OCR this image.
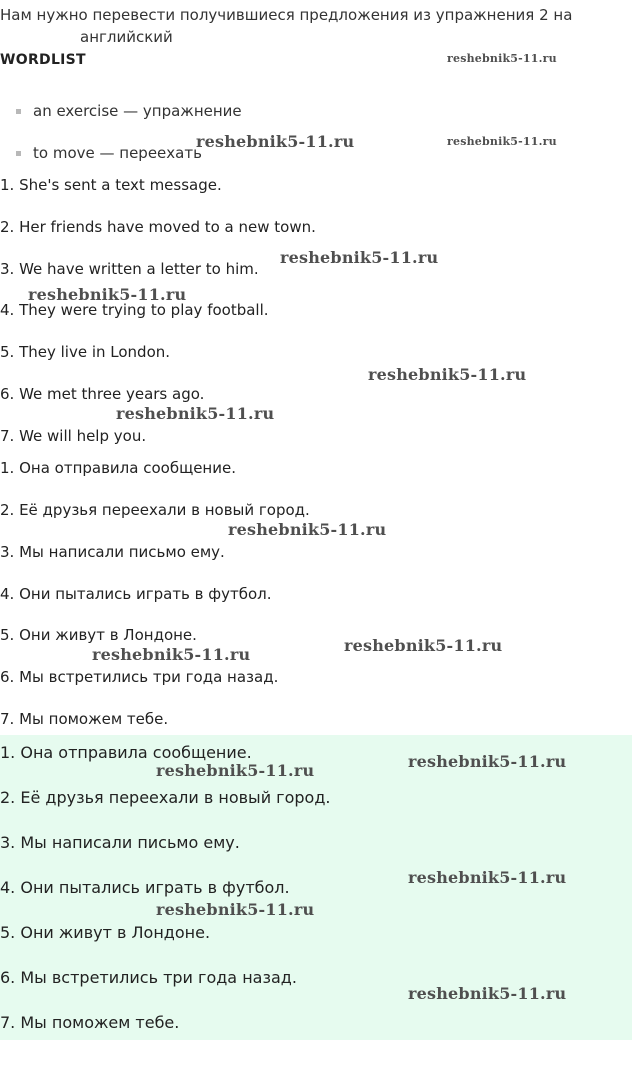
Нам нужно перевести получившиеся предложения из упражнения 2 на
английский
WORDLIST
an exercise — упражнение
to move — переехать
1. She's sent a text message.
2. Her friends have moved to a new town.
3. We have written a letter to him.
4. They were trying to play football.
5. They live in London.
6. We met three years ago.
7. We will help you.
1. Она отправила сообщение.
2. Её друзья переехали в новый город.
3. Мы написали письмо ему.
4. Они пытались играть в футбол.
5. Они живут в Лондоне.
6. Мы встретились три года назад.
7. Мы поможем тебе.
1. Она отправила сообщение.
2. Её друзья переехали в новый город.
3. Мы написали письмо ему.
4. Они пытались играть в футбол.
5. Они живут в Лондоне.
6. Мы встретились три года назад.
7. Мы поможем тебе.
reshebnik5-11.ru
reshebnik5-11.ru	reshebnik5-11.ru
reshebnik5-11.ru
reshebnik5-11.ru
reshebnik5-11.ru
reshebnik5-11.ru
reshebnik5-11.ru
reshebnik5-11.ru
reshebnik5-11.ru
reshebnik5-11.ru
reshebnik5-11.ru
reshebnik5-11.ru
reshebnik5-11.ru
reshebnik5-11.ru
